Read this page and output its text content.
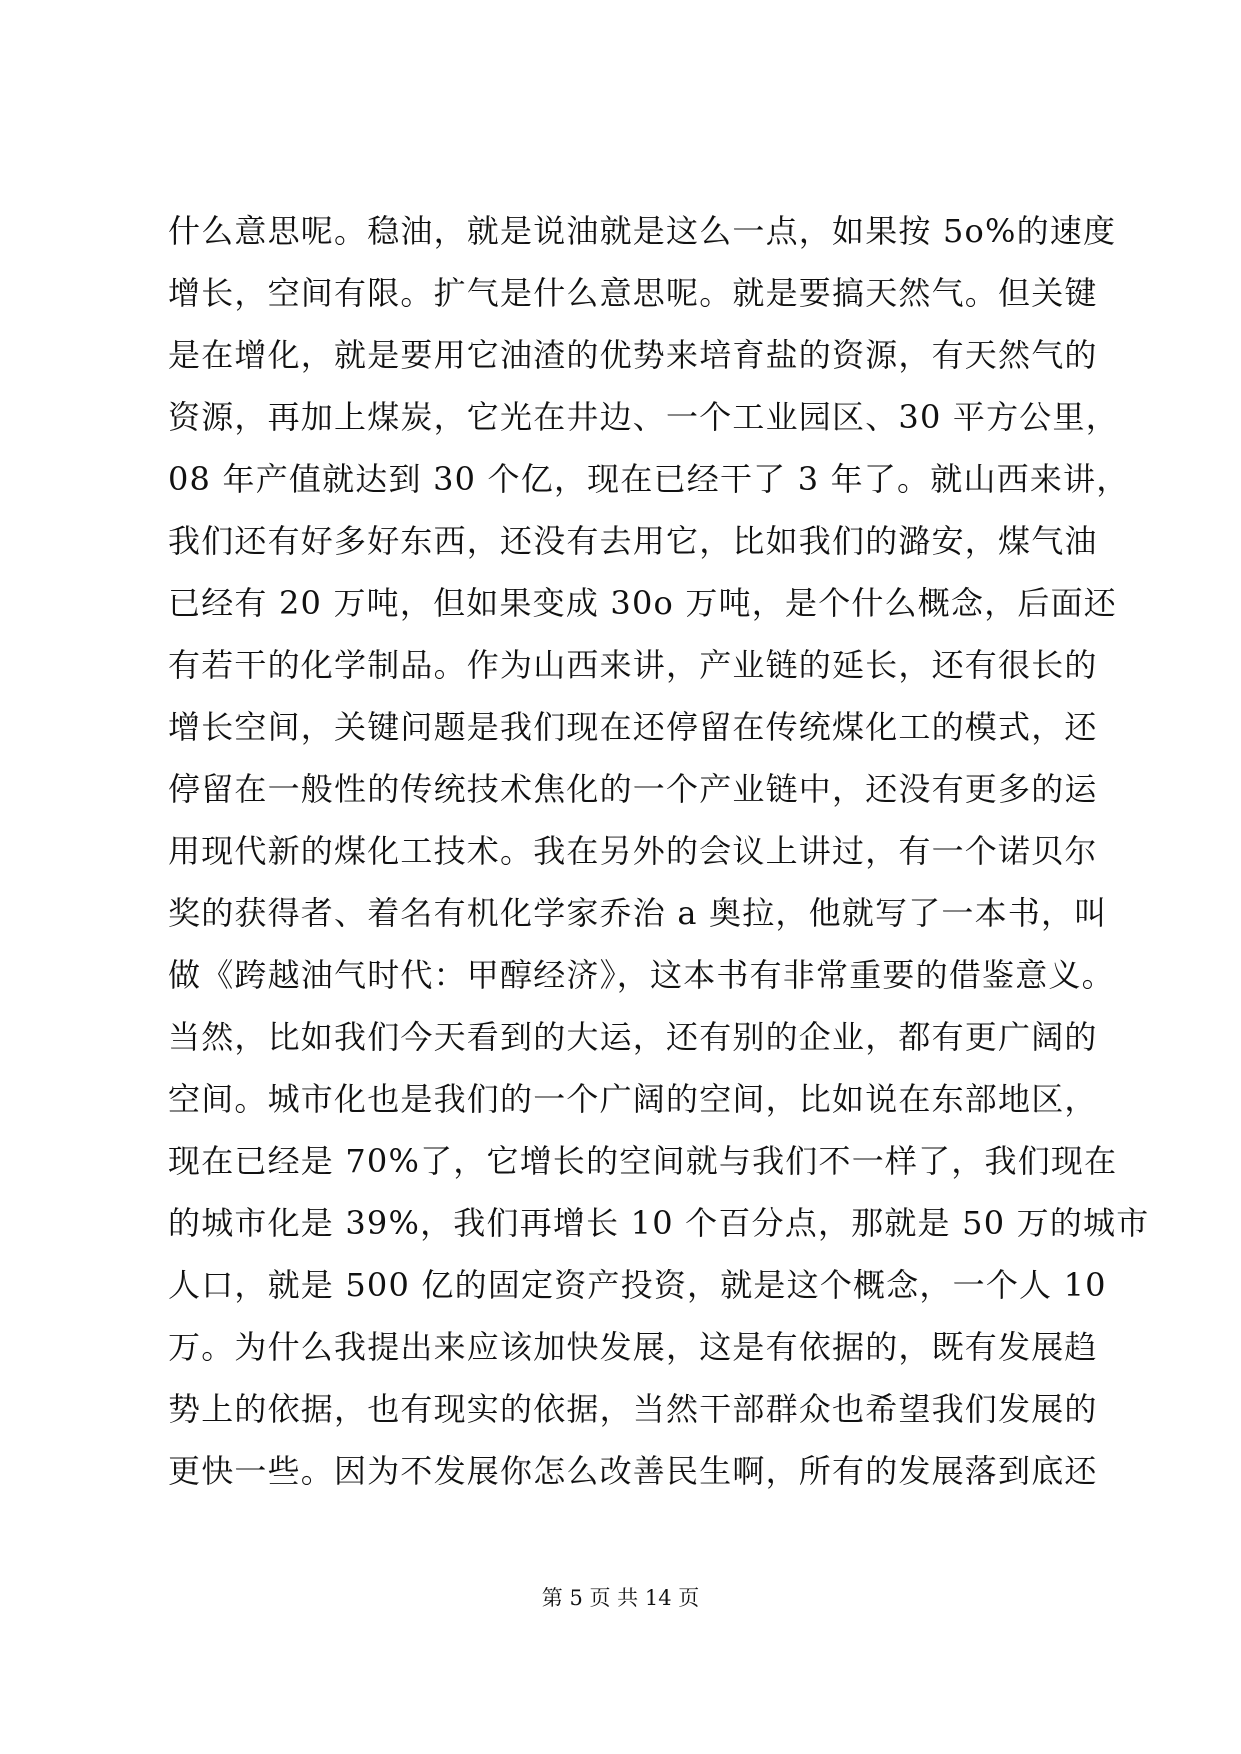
什么意思呢。稳油，就是说油就是这么一点，如果按 5o%的速度
增长，空间有限。扩气是什么意思呢。就是要搞天然气。但关键
是在增化，就是要用它油渣的优势来培育盐的资源，有天然气的
资源，再加上煤炭，它光在井边、一个工业园区、30 平方公里，
08 年产值就达到 30 个亿，现在已经干了 3 年了。就山西来讲，
我们还有好多好东西，还没有去用它，比如我们的潞安，煤气油
已经有 20 万吨，但如果变成 30o 万吨，是个什么概念，后面还
有若干的化学制品。作为山西来讲，产业链的延长，还有很长的
增长空间，关键问题是我们现在还停留在传统煤化工的模式，还
停留在一般性的传统技术焦化的一个产业链中，还没有更多的运
用现代新的煤化工技术。我在另外的会议上讲过，有一个诺贝尔
奖的获得者、着名有机化学家乔治 a 奥拉，他就写了一本书，叫
做《跨越油气时代：甲醇经济》，这本书有非常重要的借鉴意义。
当然，比如我们今天看到的大运，还有别的企业，都有更广阔的
空间。城市化也是我们的一个广阔的空间，比如说在东部地区，
现在已经是 70%了，它增长的空间就与我们不一样了，我们现在
的城市化是 39%，我们再增长 10 个百分点，那就是 50 万的城市
人口，就是 500 亿的固定资产投资，就是这个概念，一个人 10
万。为什么我提出来应该加快发展，这是有依据的，既有发展趋
势上的依据，也有现实的依据，当然干部群众也希望我们发展的
更快一些。因为不发展你怎么改善民生啊，所有的发展落到底还
第 5 页 共 14 页
